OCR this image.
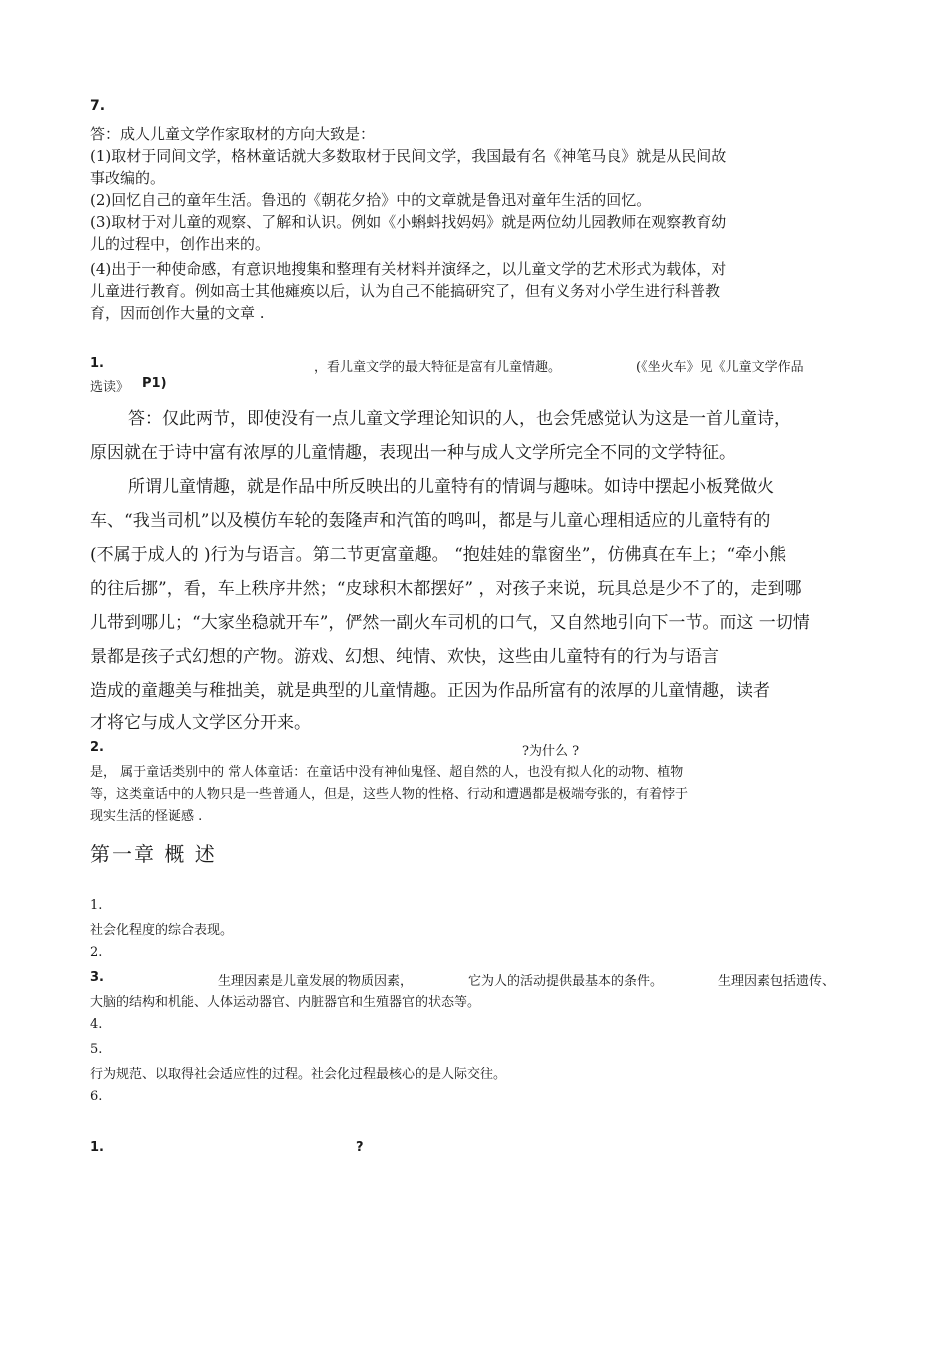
7.
答：成人儿童文学作家取材的方向大致是：
(1)取材于同间文学，格林童话就大多数取材于民间文学，我国最有名《神笔马良》就是从民间故
事改编的。
(2)回忆自己的童年生活。鲁迅的《朝花夕拾》中的文章就是鲁迅对童年生活的回忆。
(3)取材于对儿童的观察、了解和认识。例如《小蝌蚪找妈妈》就是两位幼儿园教师在观察教育幼
儿的过程中，创作出来的。
(4)出于一种使命感，有意识地搜集和整理有关材料并演绎之，以儿童文学的艺术形式为载体，对
儿童进行教育。例如高士其他瘫痪以后，认为自己不能搞研究了，但有义务对小学生进行科普教
育，因而创作大量的文章 .
1.	，看儿童文学的最大特征是富有儿童情趣。	(《坐火车》见《儿童文学作品
选读》 P1)
答：仅此两节，即使没有一点儿童文学理论知识的人，也会凭感觉认为这是一首儿童诗，
原因就在于诗中富有浓厚的儿童情趣，表现出一种与成人文学所完全不同的文学特征。
所谓儿童情趣，就是作品中所反映出的儿童特有的情调与趣味。如诗中摆起小板凳做火
车、“我当司机”以及模仿车轮的轰隆声和汽笛的鸣叫，都是与儿童心理相适应的儿童特有的
(不属于成人的 )行为与语言。第二节更富童趣。 “抱娃娃的靠窗坐”，仿佛真在车上；“牵小熊
的往后挪”，看，车上秩序井然；“皮球积木都摆好” ，对孩子来说，玩具总是少不了的，走到哪
儿带到哪儿；“大家坐稳就开车”，俨然一副火车司机的口气，又自然地引向下一节。而这 一切情
景都是孩子式幻想的产物。游戏、幻想、纯情、欢快，这些由儿童特有的行为与语言
造成的童趣美与稚拙美，就是典型的儿童情趣。正因为作品所富有的浓厚的儿童情趣，读者
才将它与成人文学区分开来。
2.	?为什么 ?
是， 属于童话类别中的 常人体童话：在童话中没有神仙鬼怪、超自然的人，也没有拟人化的动物、植物
等，这类童话中的人物只是一些普通人，但是，这些人物的性格、行动和遭遇都是极端夸张的，有着悖于
现实生活的怪诞感 .
第一章 概 述
1.
社会化程度的综合表现。
2.
3.	生理因素是儿童发展的物质因素，	它为人的活动提供最基本的条件。	生理因素包括遗传、
大脑的结构和机能、人体运动器官、内脏器官和生殖器官的状态等。
4.
5.
行为规范、以取得社会适应性的过程。社会化过程最核心的是人际交往。
6.
1.	?
